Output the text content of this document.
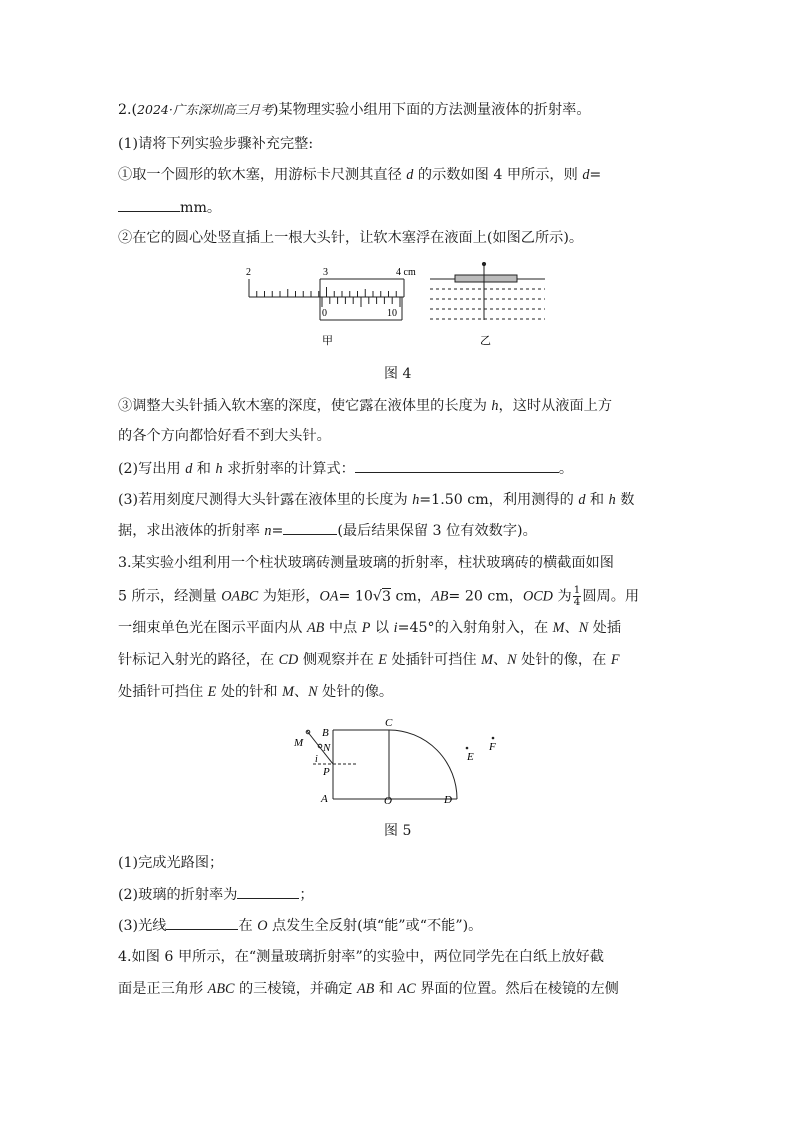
2.(2024·广东深圳高三月考)某物理实验小组用下面的方法测量液体的折射率。
(1)请将下列实验步骤补充完整:
①取一个圆形的软木塞，用游标卡尺测其直径 d 的示数如图 4 甲所示，则 d=
mm。
②在它的圆心处竖直插上一根大头针，让软木塞浮在液面上(如图乙所示)。
2	3	4 cm
0	10
甲	乙
图 4
③调整大头针插入软木塞的深度，使它露在液体里的长度为 h，这时从液面上方
的各个方向都恰好看不到大头针。
(2)写出用 d 和 h 求折射率的计算式：	。
(3)若用刻度尺测得大头针露在液体里的长度为 h=1.50 cm，利用测得的 d 和 h 数
据，求出液体的折射率 n=	(最后结果保留 3 位有效数字)。
3.某实验小组利用一个柱状玻璃砖测量玻璃的折射率，柱状玻璃砖的横截面如图
5 所示，经测量 OABC 为矩形，OA= 10√3 cm，AB= 20 cm，OCD 为 $\frac{1}{4}$ 圆周。用
一细束单色光在图示平面内从 AB 中点 P 以 i=45°的入射角射入，在 M、N 处插
针标记入射光的路径，在 CD 侧观察并在 E 处插针可挡住 M、N 处针的像，在 F
处插针可挡住 E 处的针和 M、N 处针的像。
M N
B
C
i
P
A	O	D
E
F
图 5
(1)完成光路图；
(2)玻璃的折射率为	；
(3)光线	在 O 点发生全反射(填“能”或“不能”)。
4.如图 6 甲所示，在“测量玻璃折射率”的实验中，两位同学先在白纸上放好截
面是正三角形 ABC 的三棱镜，并确定 AB 和 AC 界面的位置。然后在棱镜的左侧
